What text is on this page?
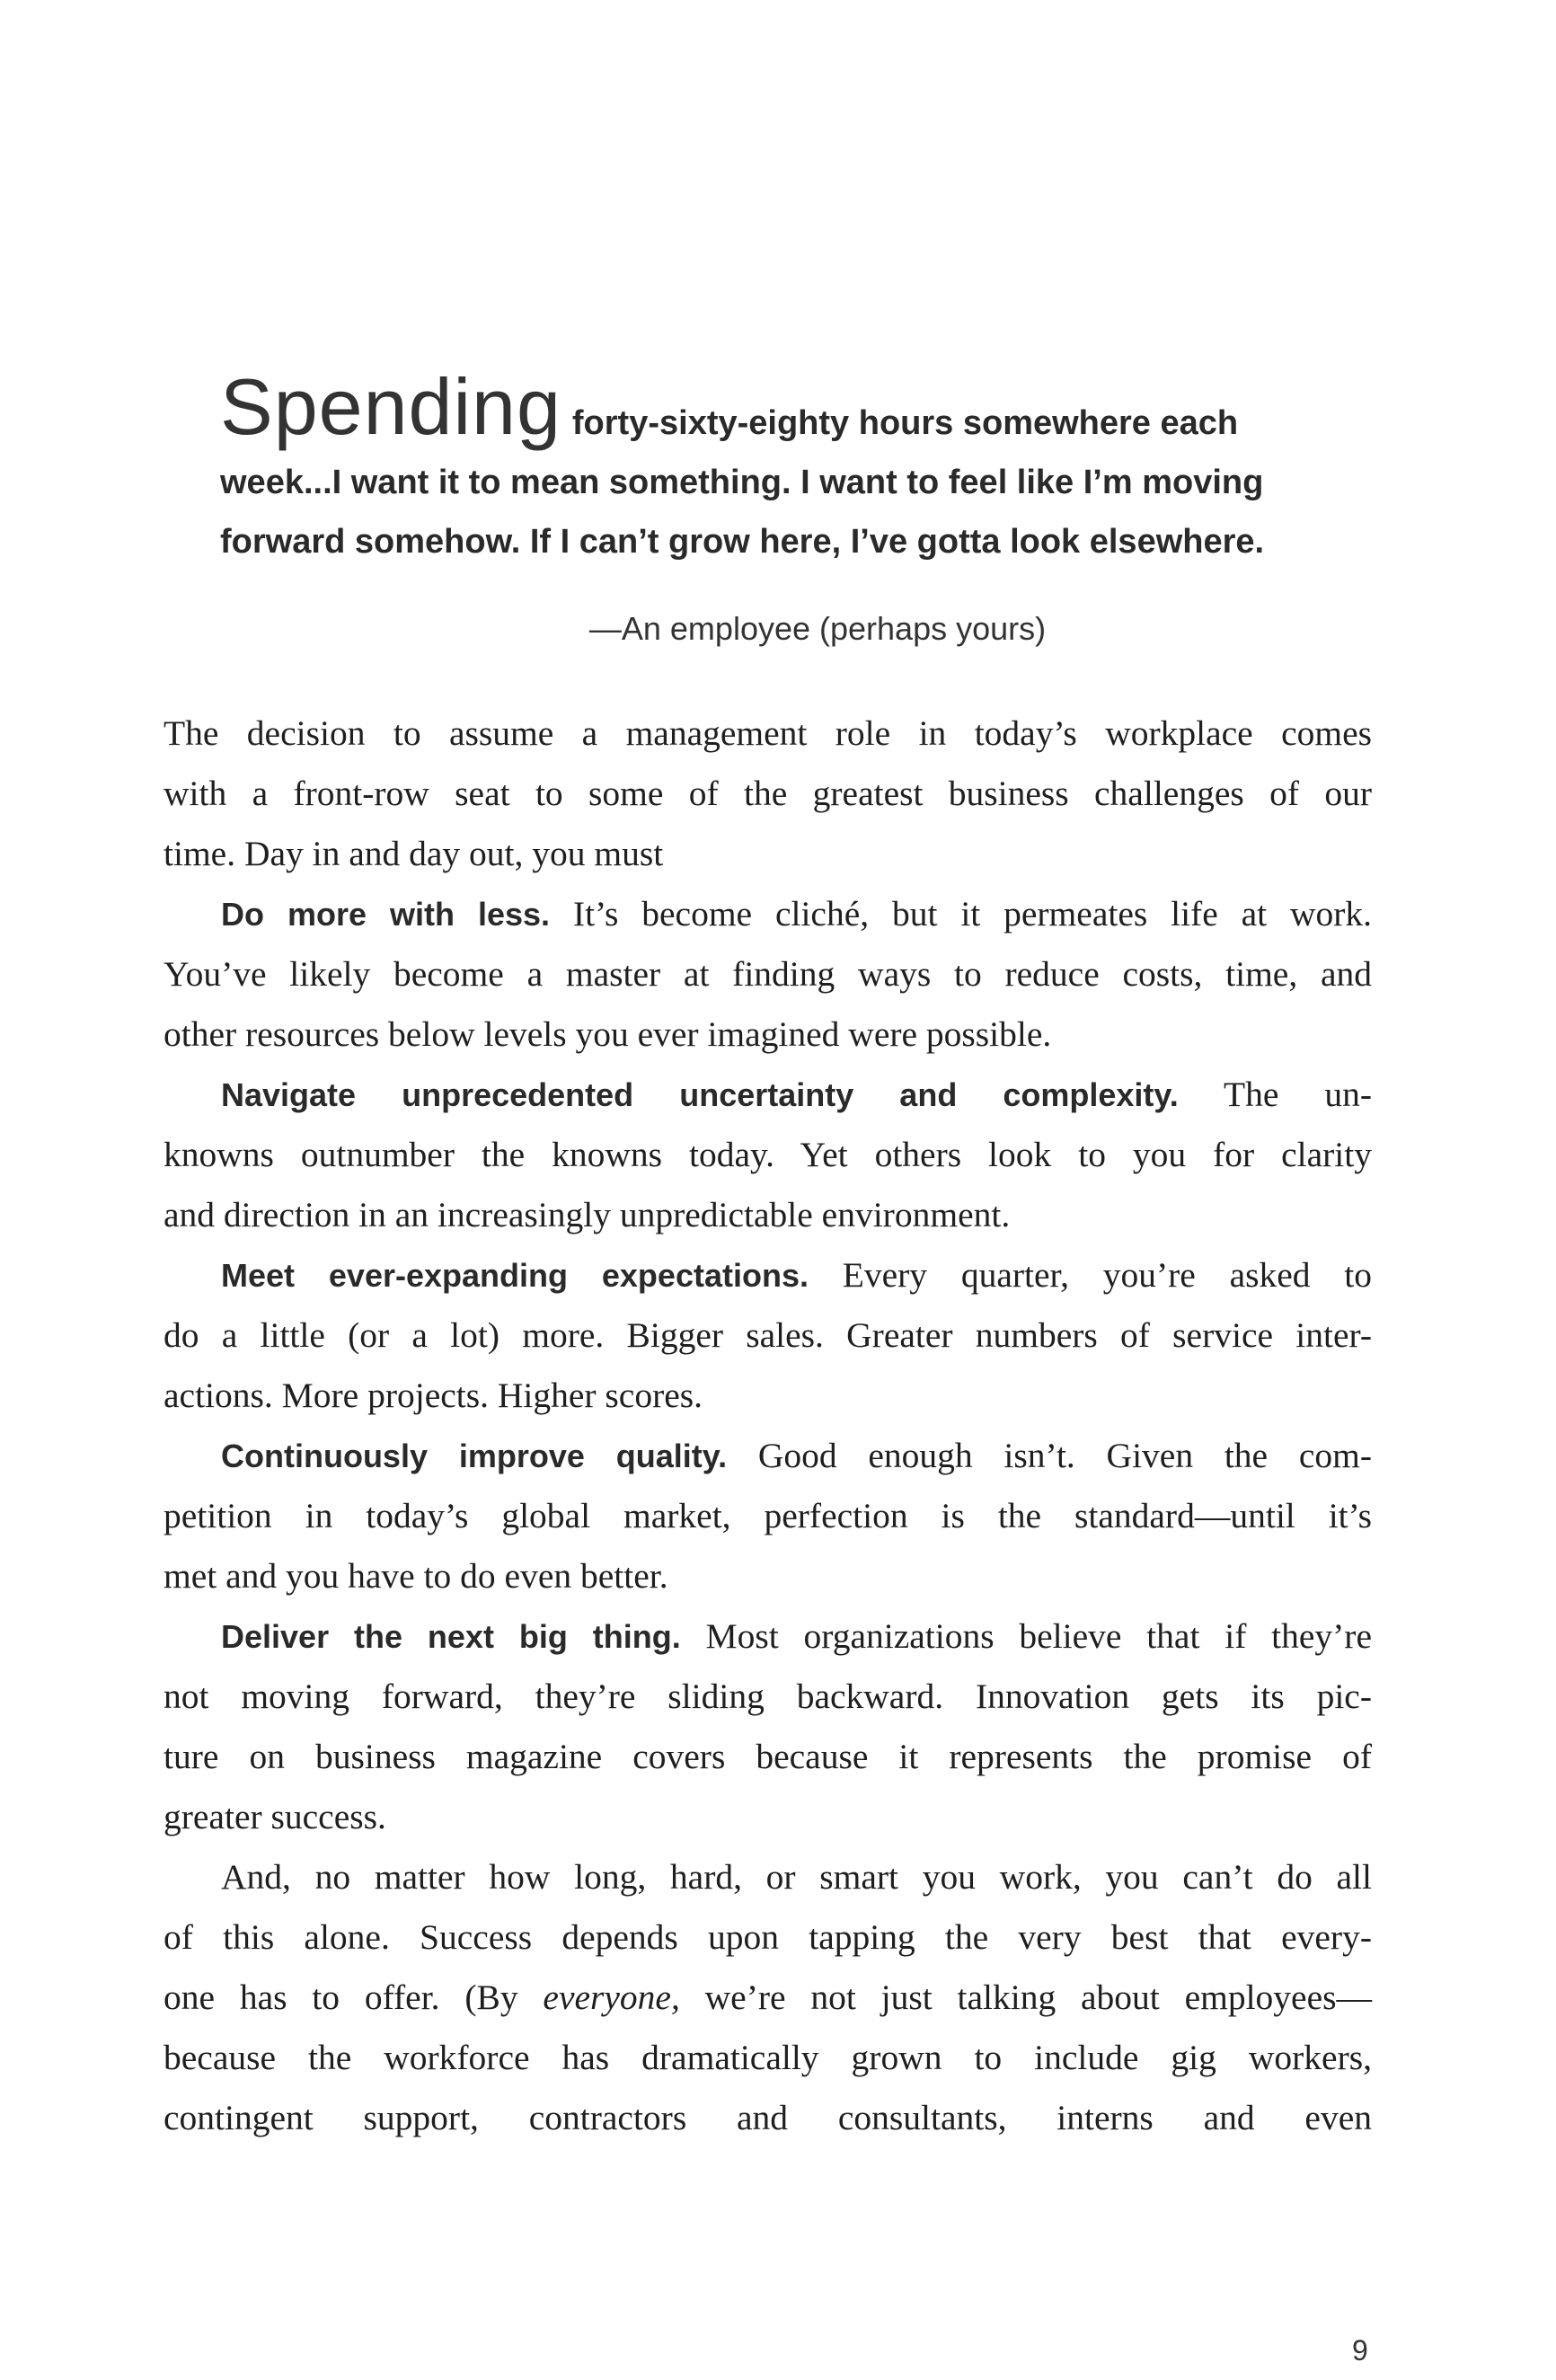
Spending forty-sixty-eighty hours somewhere each
week...I want it to mean something. I want to feel like I’m moving
forward somehow. If I can’t grow here, I’ve gotta look elsewhere.
—An employee (perhaps yours)

The decision to assume a management role in today’s workplace comes
with a front-row seat to some of the greatest business challenges of our
time. Day in and day out, you must

Do more with less. It’s become cliché, but it permeates life at work.
You’ve likely become a master at finding ways to reduce costs, time, and
other resources below levels you ever imagined were possible.

Navigate unprecedented uncertainty and complexity. The un-
knowns outnumber the knowns today. Yet others look to you for clarity
and direction in an increasingly unpredictable environment.

Meet ever-expanding expectations. Every quarter, you’re asked to
do a little (or a lot) more. Bigger sales. Greater numbers of service inter-
actions. More projects. Higher scores.

Continuously improve quality. Good enough isn’t. Given the com-
petition in today’s global market, perfection is the standard—until it’s
met and you have to do even better.

Deliver the next big thing. Most organizations believe that if they’re
not moving forward, they’re sliding backward. Innovation gets its pic-
ture on business magazine covers because it represents the promise of
greater success.

And, no matter how long, hard, or smart you work, you can’t do all
of this alone. Success depends upon tapping the very best that every-
one has to offer. (By everyone, we’re not just talking about employees—
because the workforce has dramatically grown to include gig workers,
contingent support, contractors and consultants, interns and even

9
